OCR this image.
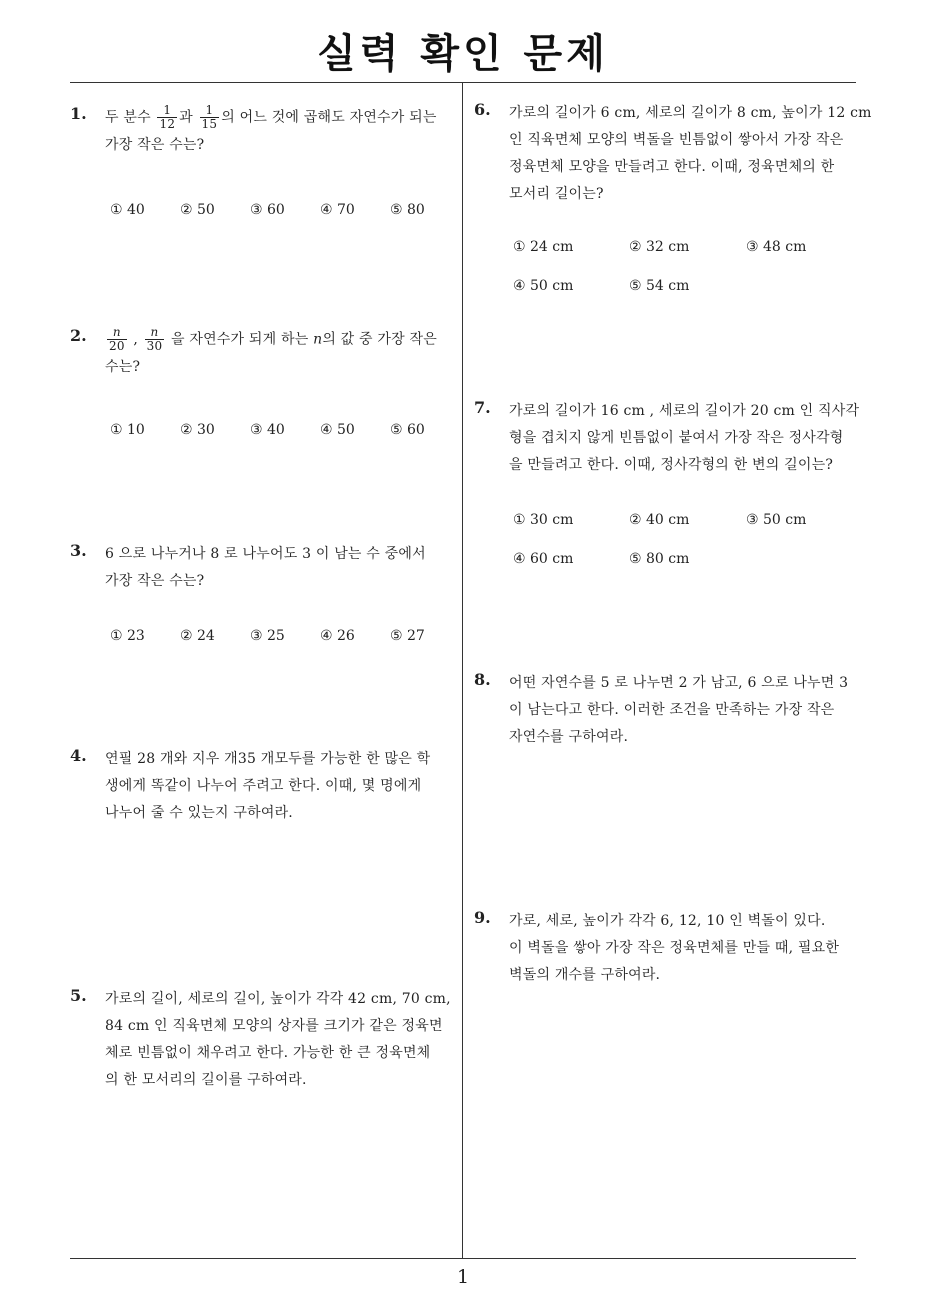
실력 확인 문제
1. 두 분수 $\frac{1}{12}$ 과 $\frac{1}{15}$ 의 어느 것에 곱해도 자연수가 되는
가장 작은 수는?
① 40	② 50	③ 60	④ 70	⑤ 80
2. $\frac{n}{20}$ , $\frac{n}{30}$ 을 자연수가 되게 하는 n의 값 중 가장 작은
수는?
① 10	② 30	③ 40	④ 50	⑤ 60
3. 6 으로 나누거나 8 로 나누어도 3 이 남는 수 중에서
가장 작은 수는?
① 23	② 24	③ 25	④ 26	⑤ 27
4. 연필 28 개와 지우 개35 개모두를 가능한 한 많은 학
생에게 똑같이 나누어 주려고 한다. 이때, 몇 명에게
나누어 줄 수 있는지 구하여라.
5. 가로의 길이, 세로의 길이, 높이가 각각 42 cm, 70 cm,
84 cm 인 직육면체 모양의 상자를 크기가 같은 정육면
체로 빈틈없이 채우려고 한다. 가능한 한 큰 정육면체
의 한 모서리의 길이를 구하여라.
6. 가로의 길이가 6 cm, 세로의 길이가 8 cm, 높이가 12 cm
인 직육면체 모양의 벽돌을 빈틈없이 쌓아서 가장 작은
정육면체 모양을 만들려고 한다. 이때, 정육면체의 한
모서리 길이는?
① 24 cm	② 32 cm	③ 48 cm
④ 50 cm	⑤ 54 cm
7. 가로의 길이가 16 cm , 세로의 길이가 20 cm 인 직사각
형을 겹치지 않게 빈틈없이 붙여서 가장 작은 정사각형
을 만들려고 한다. 이때, 정사각형의 한 변의 길이는?
① 30 cm	② 40 cm	③ 50 cm
④ 60 cm	⑤ 80 cm
8. 어떤 자연수를 5 로 나누면 2 가 남고, 6 으로 나누면 3
이 남는다고 한다. 이러한 조건을 만족하는 가장 작은
자연수를 구하여라.
9. 가로, 세로, 높이가 각각 6, 12, 10 인 벽돌이 있다.
이 벽돌을 쌓아 가장 작은 정육면체를 만들 때, 필요한
벽돌의 개수를 구하여라.
1
